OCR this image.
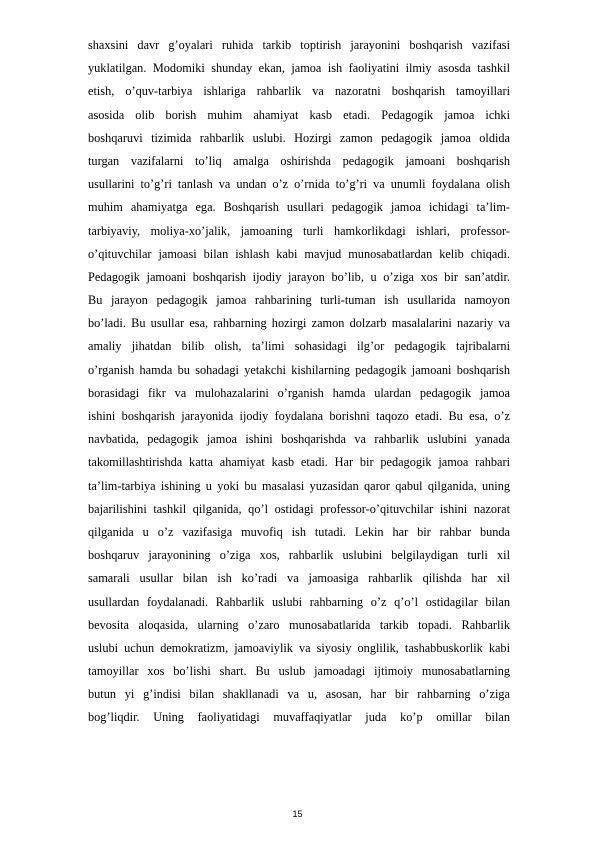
shaxsini davr g’oyalari ruhida tarkib toptirish jarayonini boshqarish vazifasi
yuklatilgan. Modomiki shunday ekan, jamoa ish faoliyatini ilmiy asosda tashkil
etish, o’quv-tarbiya ishlariga rahbarlik va nazoratni boshqarish tamoyillari
asosida olib borish muhim ahamiyat kasb etadi. Pedagogik jamoa ichki
boshqaruvi tizimida rahbarlik uslubi. Hozirgi zamon pedagogik jamoa oldida
turgan vazifalarni to’liq amalga oshirishda pedagogik jamoani boshqarish
usullarini to’g’ri tanlash va undan o’z o’rnida to’g’ri va unumli foydalana olish
muhim ahamiyatga ega. Boshqarish usullari pedagogik jamoa ichidagi ta’lim-
tarbiyaviy, moliya-xo’jalik, jamoaning turli hamkorlikdagi ishlari, professor-
o’qituvchilar jamoasi bilan ishlash kabi mavjud munosabatlardan kelib chiqadi.
Pedagogik jamoani boshqarish ijodiy jarayon bo’lib, u o’ziga xos bir san’atdir.
Bu jarayon pedagogik jamoa rahbarining turli-tuman ish usullarida namoyon
bo’ladi. Bu usullar esa, rahbarning hozirgi zamon dolzarb masalalarini nazariy va
amaliy jihatdan bilib olish, ta’limi sohasidagi ilg’or pedagogik tajribalarni
o’rganish hamda bu sohadagi yetakchi kishilarning pedagogik jamoani boshqarish
borasidagi fikr va mulohazalarini o’rganish hamda ulardan pedagogik jamoa
ishini boshqarish jarayonida ijodiy foydalana borishni taqozo etadi. Bu esa, o’z
navbatida, pedagogik jamoa ishini boshqarishda va rahbarlik uslubini yanada
takomillashtirishda katta ahamiyat kasb etadi. Har bir pedagogik jamoa rahbari
ta’lim-tarbiya ishining u yoki bu masalasi yuzasidan qaror qabul qilganida, uning
bajarilishini tashkil qilganida, qo’l ostidagi professor-o’qituvchilar ishini nazorat
qilganida u o’z vazifasiga muvofiq ish tutadi. Lekin har bir rahbar bunda
boshqaruv jarayonining o’ziga xos, rahbarlik uslubini belgilaydigan turli xil
samarali usullar bilan ish ko’radi va jamoasiga rahbarlik qilishda har xil
usullardan foydalanadi. Rahbarlik uslubi rahbarning o’z q’o’l ostidagilar bilan
bevosita aloqasida, ularning o’zaro munosabatlarida tarkib topadi. Rahbarlik
uslubi uchun demokratizm, jamoaviylik va siyosiy onglilik, tashabbuskorlik kabi
tamoyillar xos bo’lishi shart. Bu uslub jamoadagi ijtimoiy munosabatlarning
butun yi g’indisi bilan shakllanadi va u, asosan, har bir rahbarning o’ziga
bog’liqdir. Uning faoliyatidagi muvaffaqiyatlar juda ko’p omillar bilan
15
